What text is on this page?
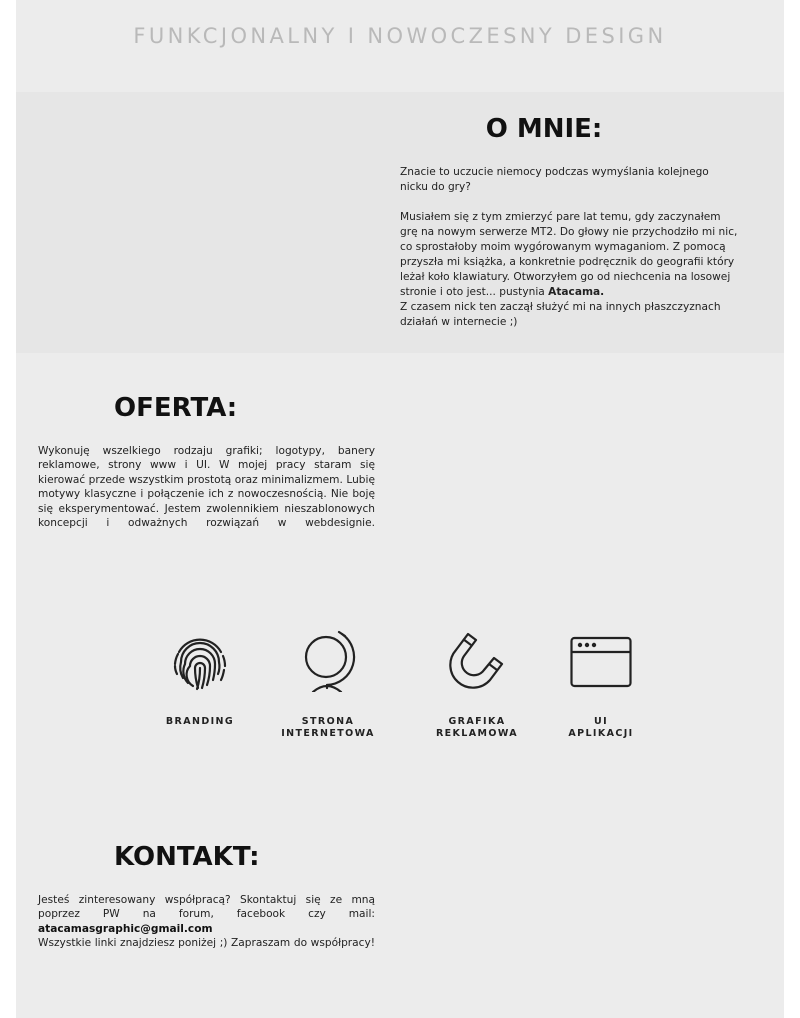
FUNKCJONALNY I NOWOCZESNY DESIGN
O MNIE:

Znacie to uczucie niemocy podczas wymyślania kolejnego nicku do gry?

Musiałem się z tym zmierzyć pare lat temu, gdy zaczynałem grę na nowym serwerze MT2. Do głowy nie przychodziło mi nic, co sprostałoby moim wygórowanym wymaganiom. Z pomocą przyszła mi książka, a konkretnie podręcznik do geografii który leżał koło klawiatury. Otworzyłem go od niechcenia na losowej stronie i oto jest... pustynia Atacama.

Z czasem nick ten zaczął służyć mi na innych płaszczyznach działań w internecie ;)

OFERTA:
Wykonuję wszelkiego rodzaju grafiki; logotypy, banery reklamowe, strony www i UI. W mojej pracy staram się kierować przede wszystkim prostotą oraz minimalizmem. Lubię motywy klasyczne i połączenie ich z nowoczesnością. Nie boję się eksperymentować. Jestem zwolennikiem nieszablonowych koncepcji i odważnych rozwiązań w webdesignie.
BRANDING	STRONA
INTERNETOWA
GRAFIKA
REKLAMOWA
UI
APLIKACJI
KONTAKT:
Jesteś zinteresowany współpracą? Skontaktuj się ze mną poprzez PW na forum, facebook czy mail: atacamasgraphic@gmail.com
Wszystkie linki znajdziesz poniżej ;) Zapraszam do współpracy!
